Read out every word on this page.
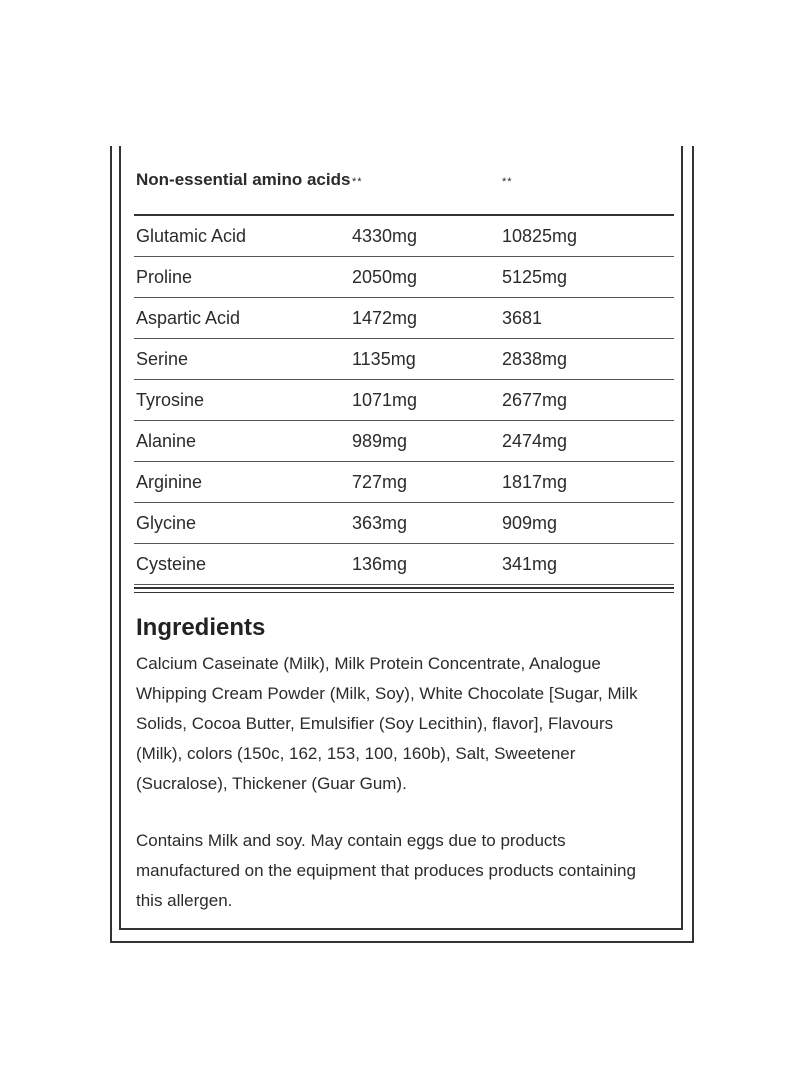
Non-essential amino acids	**	**
Glutamic Acid	4330mg	10825mg
Proline	2050mg	5125mg
Aspartic Acid	1472mg	3681
Serine	1135mg	2838mg
Tyrosine	1071mg	2677mg
Alanine	989mg	2474mg
Arginine	727mg	1817mg
Glycine	363mg	909mg
Cysteine	136mg	341mg
Ingredients
Calcium Caseinate (Milk), Milk Protein Concentrate, Analogue Whipping Cream Powder (Milk, Soy), White Chocolate [Sugar, Milk Solids, Cocoa Butter, Emulsifier (Soy Lecithin), flavor], Flavours (Milk), colors (150c, 162, 153, 100, 160b), Salt, Sweetener (Sucralose), Thickener (Guar Gum).
Contains Milk and soy. May contain eggs due to products manufactured on the equipment that produces products containing this allergen.
